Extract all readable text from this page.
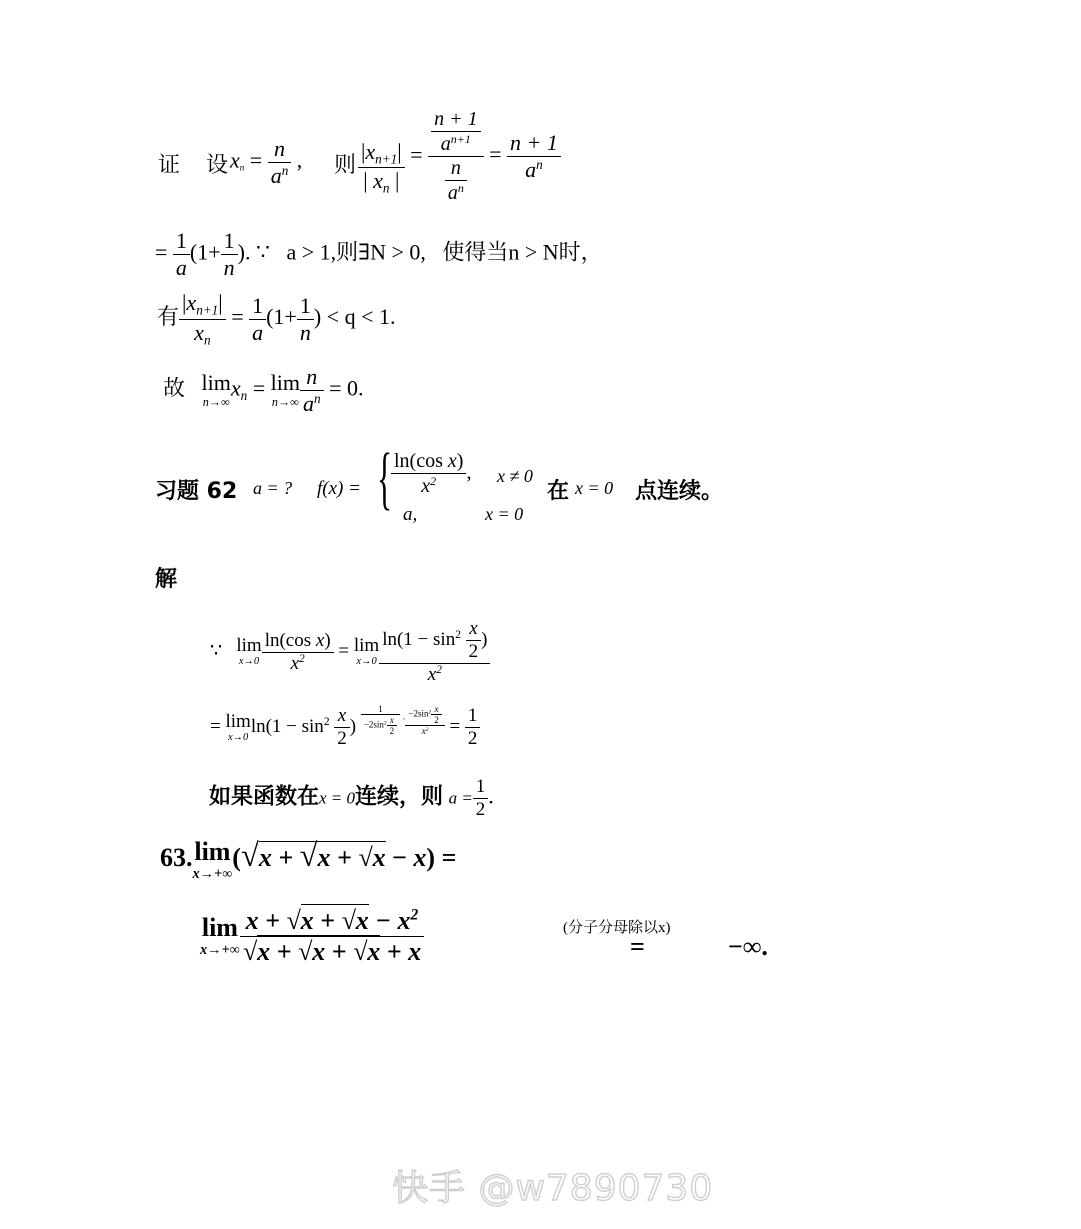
证 设 $x_n = \frac{n}{a^n}$ , 则 $\frac{|x_{n+1}|}{| x_n |} = \frac{\frac{n + 1}{a^{n+1}}}{\frac{n}{a^n}} = \frac{n + 1}{a^n}$
= $\frac{1}{a} (1+ \frac{1}{n}$ ). ∵ a > 1,则∃N > 0, 使得当n > N时，
有 $\frac{|x_{n+1}|}{x_n} = \frac{1}{a} (1+ \frac{1}{n}$ ) < q < 1.
故 lim
n→∞
$x_n = \lim$
$n\to\infty \frac{n}{a^n} = 0$.
习题 62 a = ? f(x) = {
$\frac{\text{ln(cos x)}}{x^2}$ , x ≠ 0
a,	x = 0
在 x = 0 点连续。
解
∵ lim
$x\to 0 \frac{\text{ln(cos x)}}{x^2} = \lim$
$x\to 0 \frac{\ln(1 - \sin^2 \frac{x}{2} )}{x^2}$
= lim
x→0
$\ln(1 - \sin^2 \frac{x}{2}$ ) $\frac{1}{-2\sin^2 \frac{x}{2}} \cdot \frac{-2\sin^2 \frac{x}{2}}{x^2} = \frac{1}{2}$
如果函数在x = 0连续，则 $a = \frac{1}{2}$ .
63. lim
x→+∞
(√x + √x + √x − x) =
lim
$x\to+\infty \frac{x + √x + √x - x^2}{√x + √x + √x + x}$	(分子分母除以x)
=	−∞.
快手 @w7890730
